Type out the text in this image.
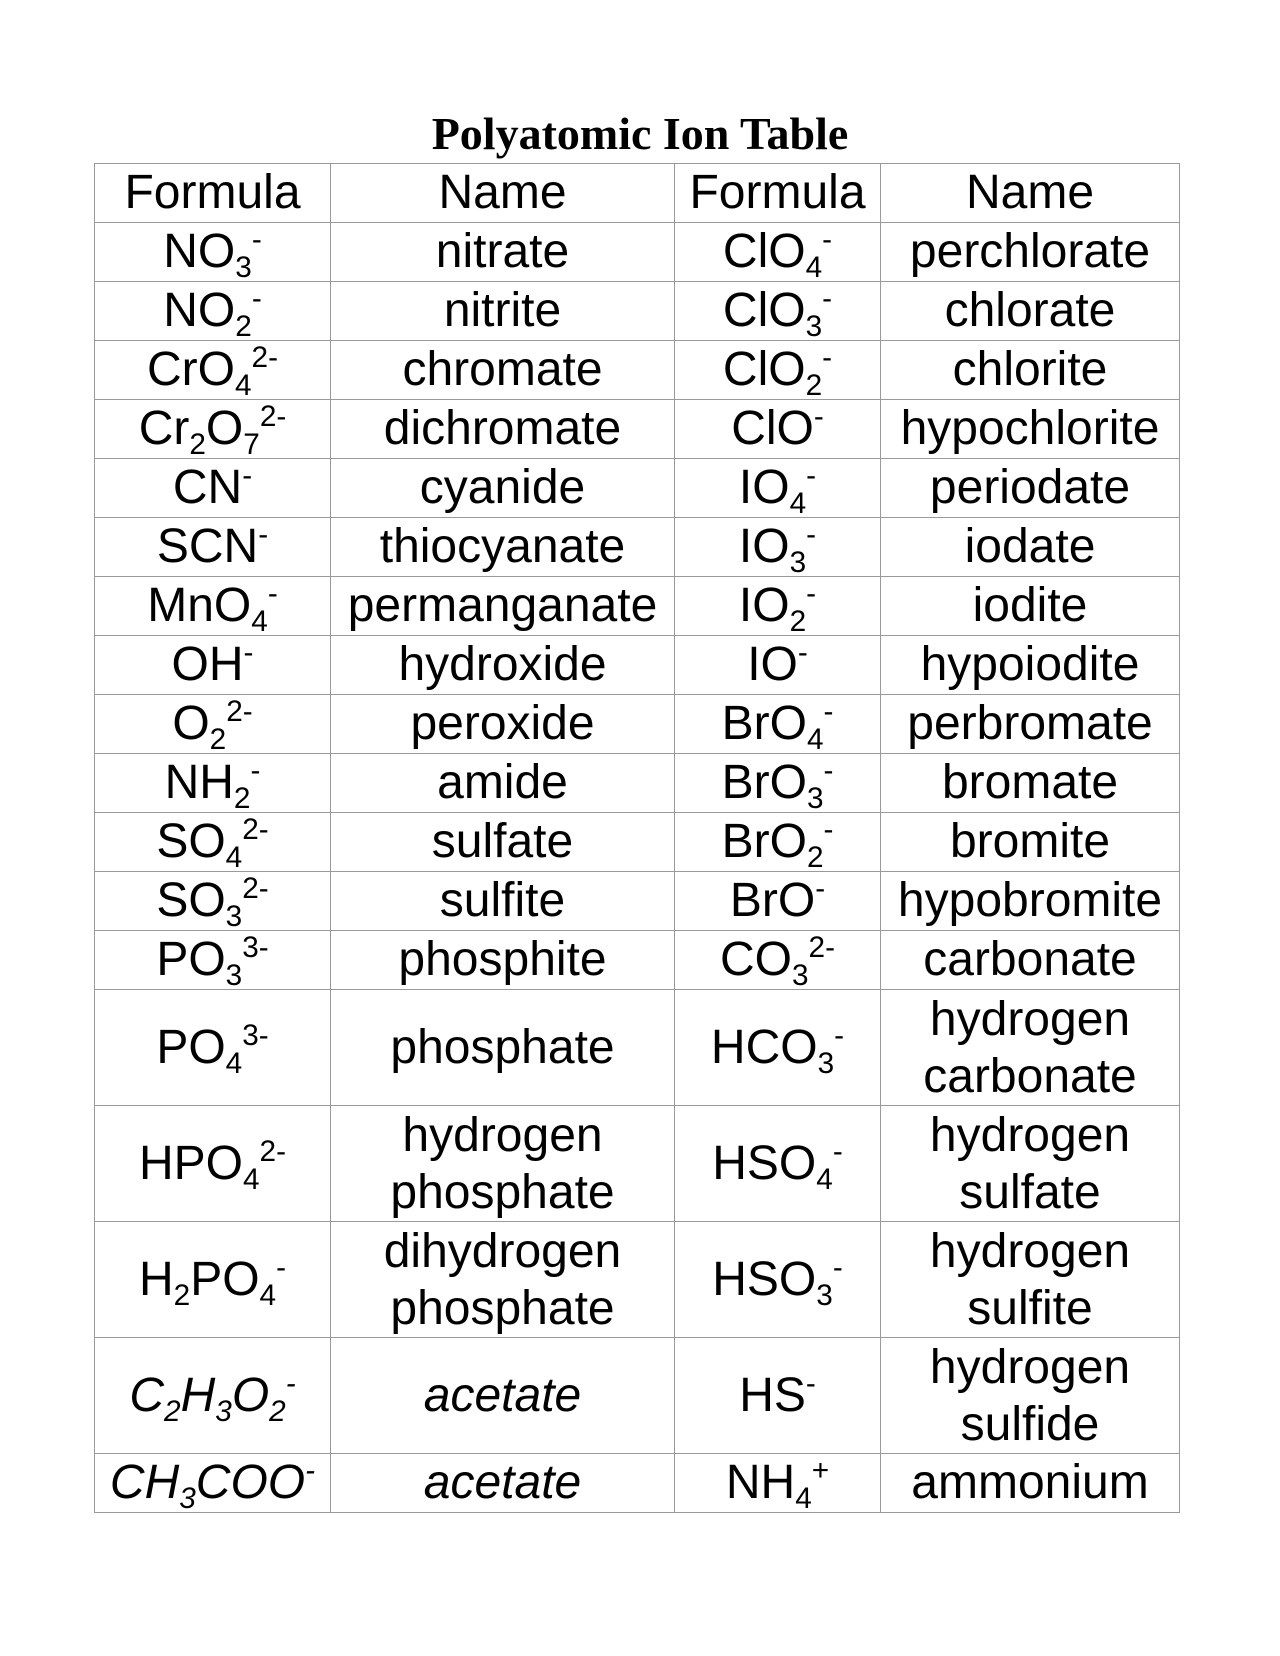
Polyatomic Ion Table
Formula	Name	Formula	Name
NO3-	nitrate	ClO4-	perchlorate

NO2-	nitrite	ClO3-	chlorate

$CrO4^{2-}$	chromate	ClO2-	chlorite

$Cr2O7^{2-}$	dichromate	ClO-	hypochlorite

CN-	cyanide	IO4-	periodate

SCN-	thiocyanate	IO3-	iodate

MnO4-	permanganate	IO2-	iodite

OH-	hydroxide	IO-	hypoiodite

$O2^{2-}$	peroxide	BrO4-	perbromate

NH2-	amide	BrO3-	bromate

$SO4^{2-}$	sulfate	BrO2-	bromite

$SO3^{2-}$	sulfite	BrO-	hypobromite

$PO3^{3-}$	phosphite	$CO3^{2-}$	carbonate

$PO4^{3-}$	phosphate	HCO3-	hydrogen
carbonate

$HPO4^{2-}$	hydrogen
phosphate	HSO4-	hydrogen
sulfate

H2PO4-	dihydrogen
phosphate	HSO3-	hydrogen
sulfite

C2H3O2-	acetate	HS-	hydrogen
sulfide

CH3COO-	acetate	NH4+	ammonium
